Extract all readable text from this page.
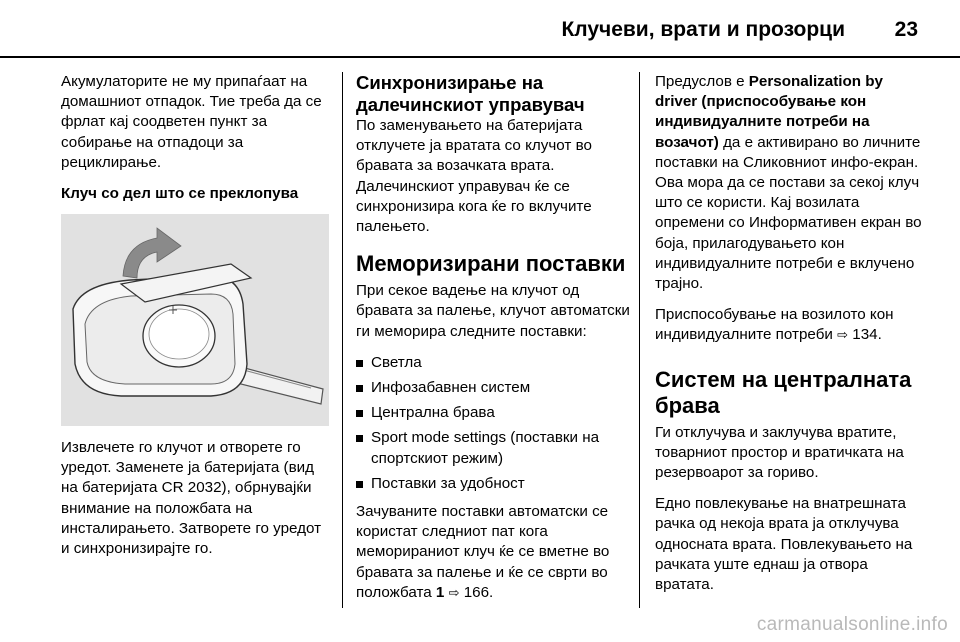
Клучеви, врати и прозорци 23

Акумулаторите не му припаѓаат на домашниот отпадок. Тие треба да се фрлат кај соодветен пункт за собирање на отпадоци за рециклирање.

Клуч со дел што се преклопува

Извлечете го клучот и отворете го уредот. Заменете ја батеријата (вид на батеријата CR 2032), обрнувајќи внимание на положбата на инсталирањето. Затворете го уредот и синхронизирајте го.

Синхронизирање на далечинскиот управувач

По заменувањето на батеријата отклучете ја вратата со клучот во бравата за возачката врата. Далечинскиот управувач ќе се синхронизира кога ќе го вклучите палењето.

Меморизирани поставки

При секое вадење на клучот од бравата за палење, клучот автоматски ги меморира следните поставки:

Светла
Инфозабавнен систем
Централна брава
Sport mode settings (поставки на спортскиот режим)
Поставки за удобност

Зачуваните поставки автоматски се користат следниот пат кога меморираниот клуч ќе се вметне во бравата за палење и ќе се сврти во положбата 1 ⇨ 166.

Предуслов е Personalization by driver (приспособување кон индивидуалните потреби на возачот) да е активирано во личните поставки на Сликовниот инфо-екран. Ова мора да се постави за секој клуч што се користи. Кај возилата опремени со Информативен екран во боја, прилагодувањето кон индивидуалните потреби е вклучено трајно.

Приспособување на возилото кон индивидуалните потреби ⇨ 134.

Систем на централната брава

Ги отклучува и заклучува вратите, товарниот простор и вратичката на резервоарот за гориво.

Едно повлекување на внатрешната рачка од некоја врата ја отклучува односната врата. Повлекувањето на рачката уште еднаш ја отвора вратата.

carmanualsonline.info
